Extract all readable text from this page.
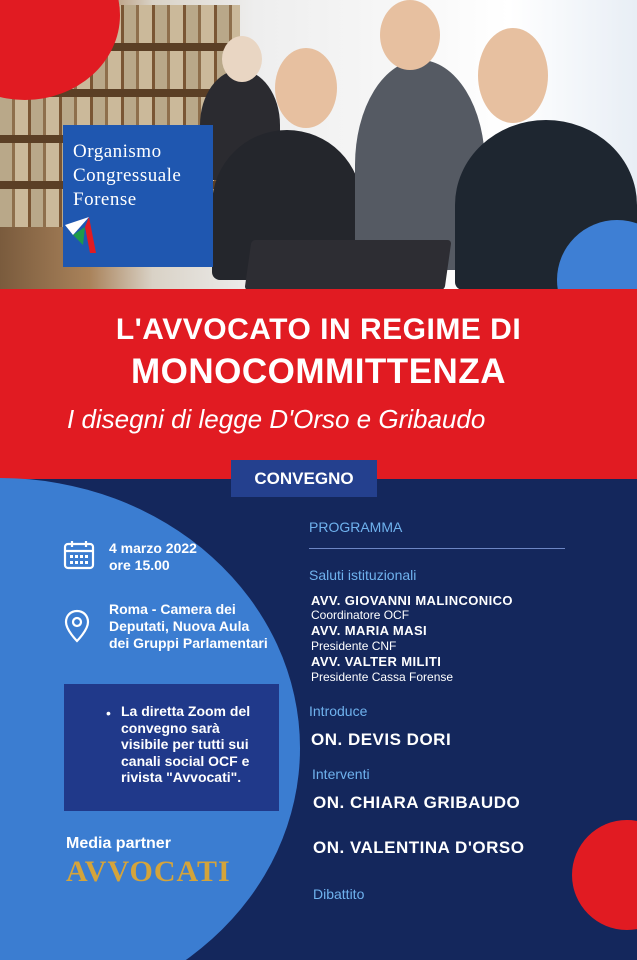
Organismo
Congressuale
Forense
L'AVVOCATO IN REGIME DI
MONOCOMMITTENZA
I disegni di legge D'Orso e Gribaudo
CONVEGNO
4 marzo 2022
ore 15.00
Roma - Camera dei
Deputati, Nuova Aula
dei Gruppi Parlamentari
• La diretta Zoom del
convegno sarà
visibile per tutti sui
canali social OCF e
rivista "Avvocati".
Media partner
AVVOCATI
PROGRAMMA
Saluti istituzionali
AVV. GIOVANNI MALINCONICO
Coordinatore OCF
AVV. MARIA MASI
Presidente CNF
AVV. VALTER MILITI
Presidente Cassa Forense
Introduce
ON. DEVIS DORI
Interventi
ON. CHIARA GRIBAUDO
ON. VALENTINA D'ORSO
Dibattito
